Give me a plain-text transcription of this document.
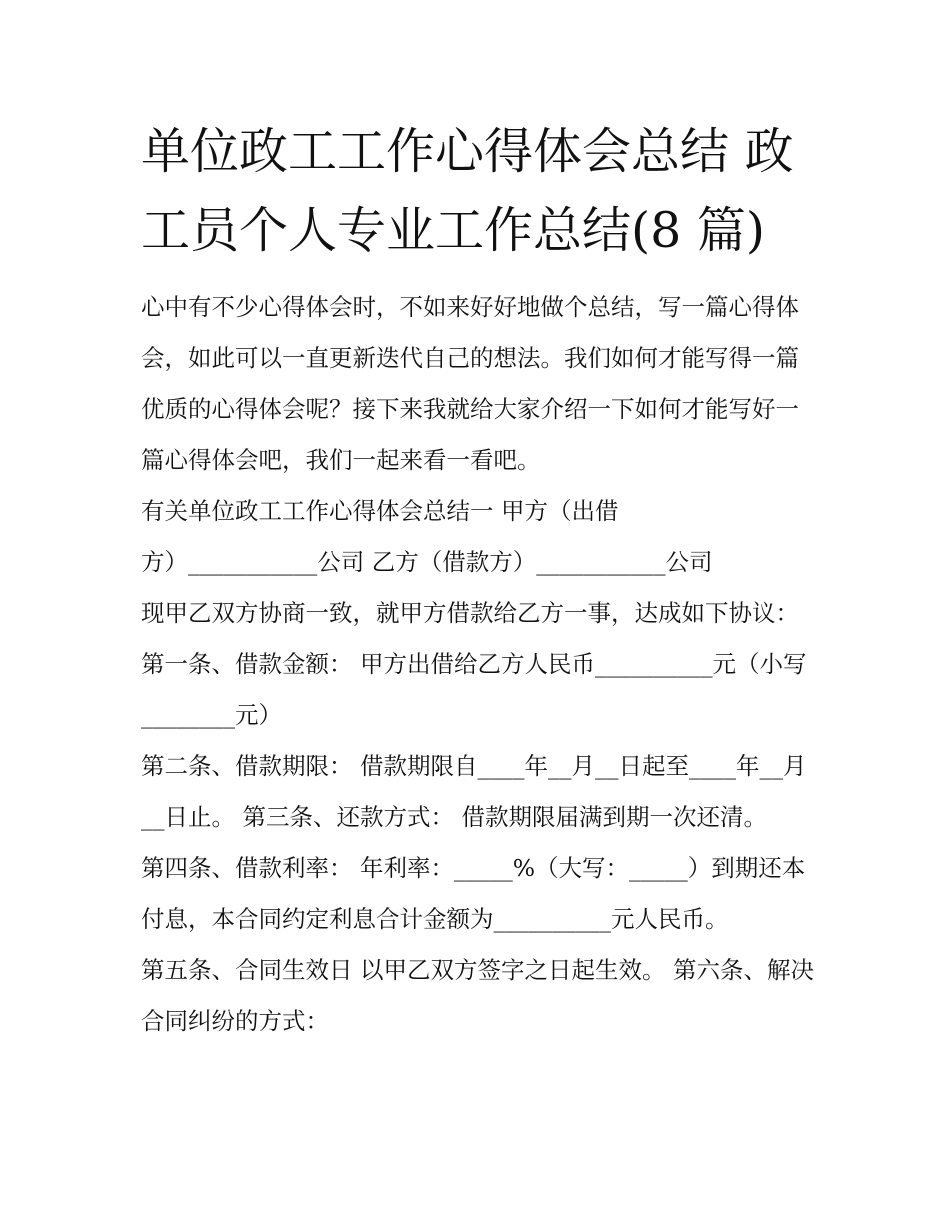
单位政工工作心得体会总结 政
工员个人专业工作总结(8 篇)

心中有不少心得体会时，不如来好好地做个总结，写一篇心得体会，如此可以一直更新迭代自己的想法。我们如何才能写得一篇优质的心得体会呢？接下来我就给大家介绍一下如何才能写好一篇心得体会吧，我们一起来看一看吧。

有关单位政工工作心得体会总结一 甲方（出借

方）___________公司 乙方（借款方）___________公司

现甲乙双方协商一致，就甲方借款给乙方一事，达成如下协议： 第一条、借款金额： 甲方出借给乙方人民币__________元（小写________元）

第二条、借款期限： 借款期限自____年__月__日起至____年__月__日止。 第三条、还款方式： 借款期限届满到期一次还清。

第四条、借款利率： 年利率：_____%（大写：_____）到期还本付息，本合同约定利息合计金额为__________元人民币。

第五条、合同生效日 以甲乙双方签字之日起生效。 第六条、解决合同纠纷的方式：
